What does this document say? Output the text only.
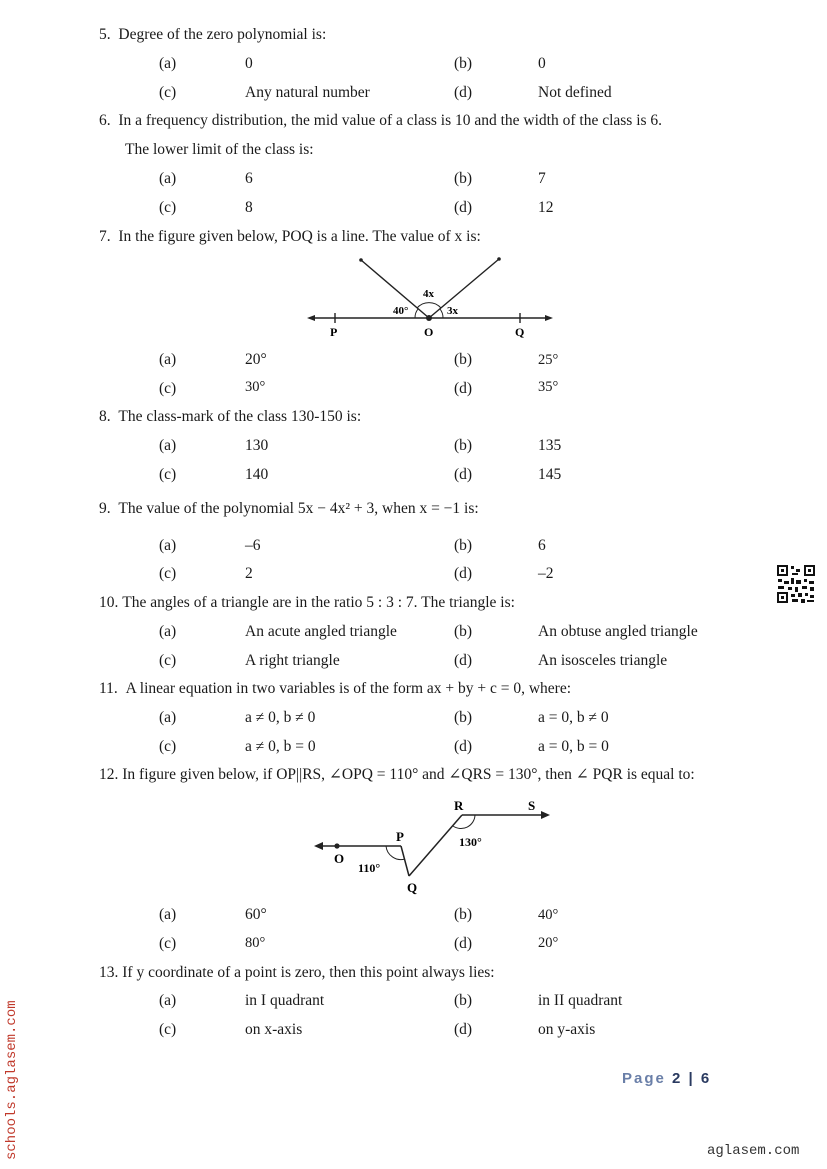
5. Degree of the zero polynomial is:
(a)	0	(b)	0
(c)	Any natural number	(d)	Not defined
6. In a frequency distribution, the mid value of a class is 10 and the width of the class is 6.
The lower limit of the class is:
(a)	6	(b)	7
(c)	8	(d)	12
7. In the figure given below, POQ is a line. The value of x is:
4x
40°	3x
P	O	Q
(a)	20°	(b)	25°
(c)	30°	(d)	35°
8. The class-mark of the class 130-150 is:
(a)	130	(b)	135
(c)	140	(d)	145
9. The value of the polynomial 5x − 4x² + 3, when x = −1 is:
(a)	–6	(b)	6
(c)	2	(d)	–2
10. The angles of a triangle are in the ratio 5 : 3 : 7. The triangle is:
(a)	An acute angled triangle	(b)	An obtuse angled triangle
(c)	A right triangle	(d)	An isosceles triangle
11. A linear equation in two variables is of the form ax + by + c = 0, where:
(a)	a ≠ 0, b ≠ 0	(b)	a = 0, b ≠ 0
(c)	a ≠ 0, b = 0	(d)	a = 0, b = 0
12. In figure given below, if OP||RS, ∠OPQ = 110° and ∠QRS = 130°, then ∠ PQR is equal to:
O
P
Q
R	S
110°
130°
(a)	60°	(b)	40°
(c)	80°	(d)	20°
13. If y coordinate of a point is zero, then this point always lies:
(a)	in I quadrant	(b)	in II quadrant
(c)	on x-axis	(d)	on y-axis
Page 2 | 6
schools.aglasem.com	aglasem.com
